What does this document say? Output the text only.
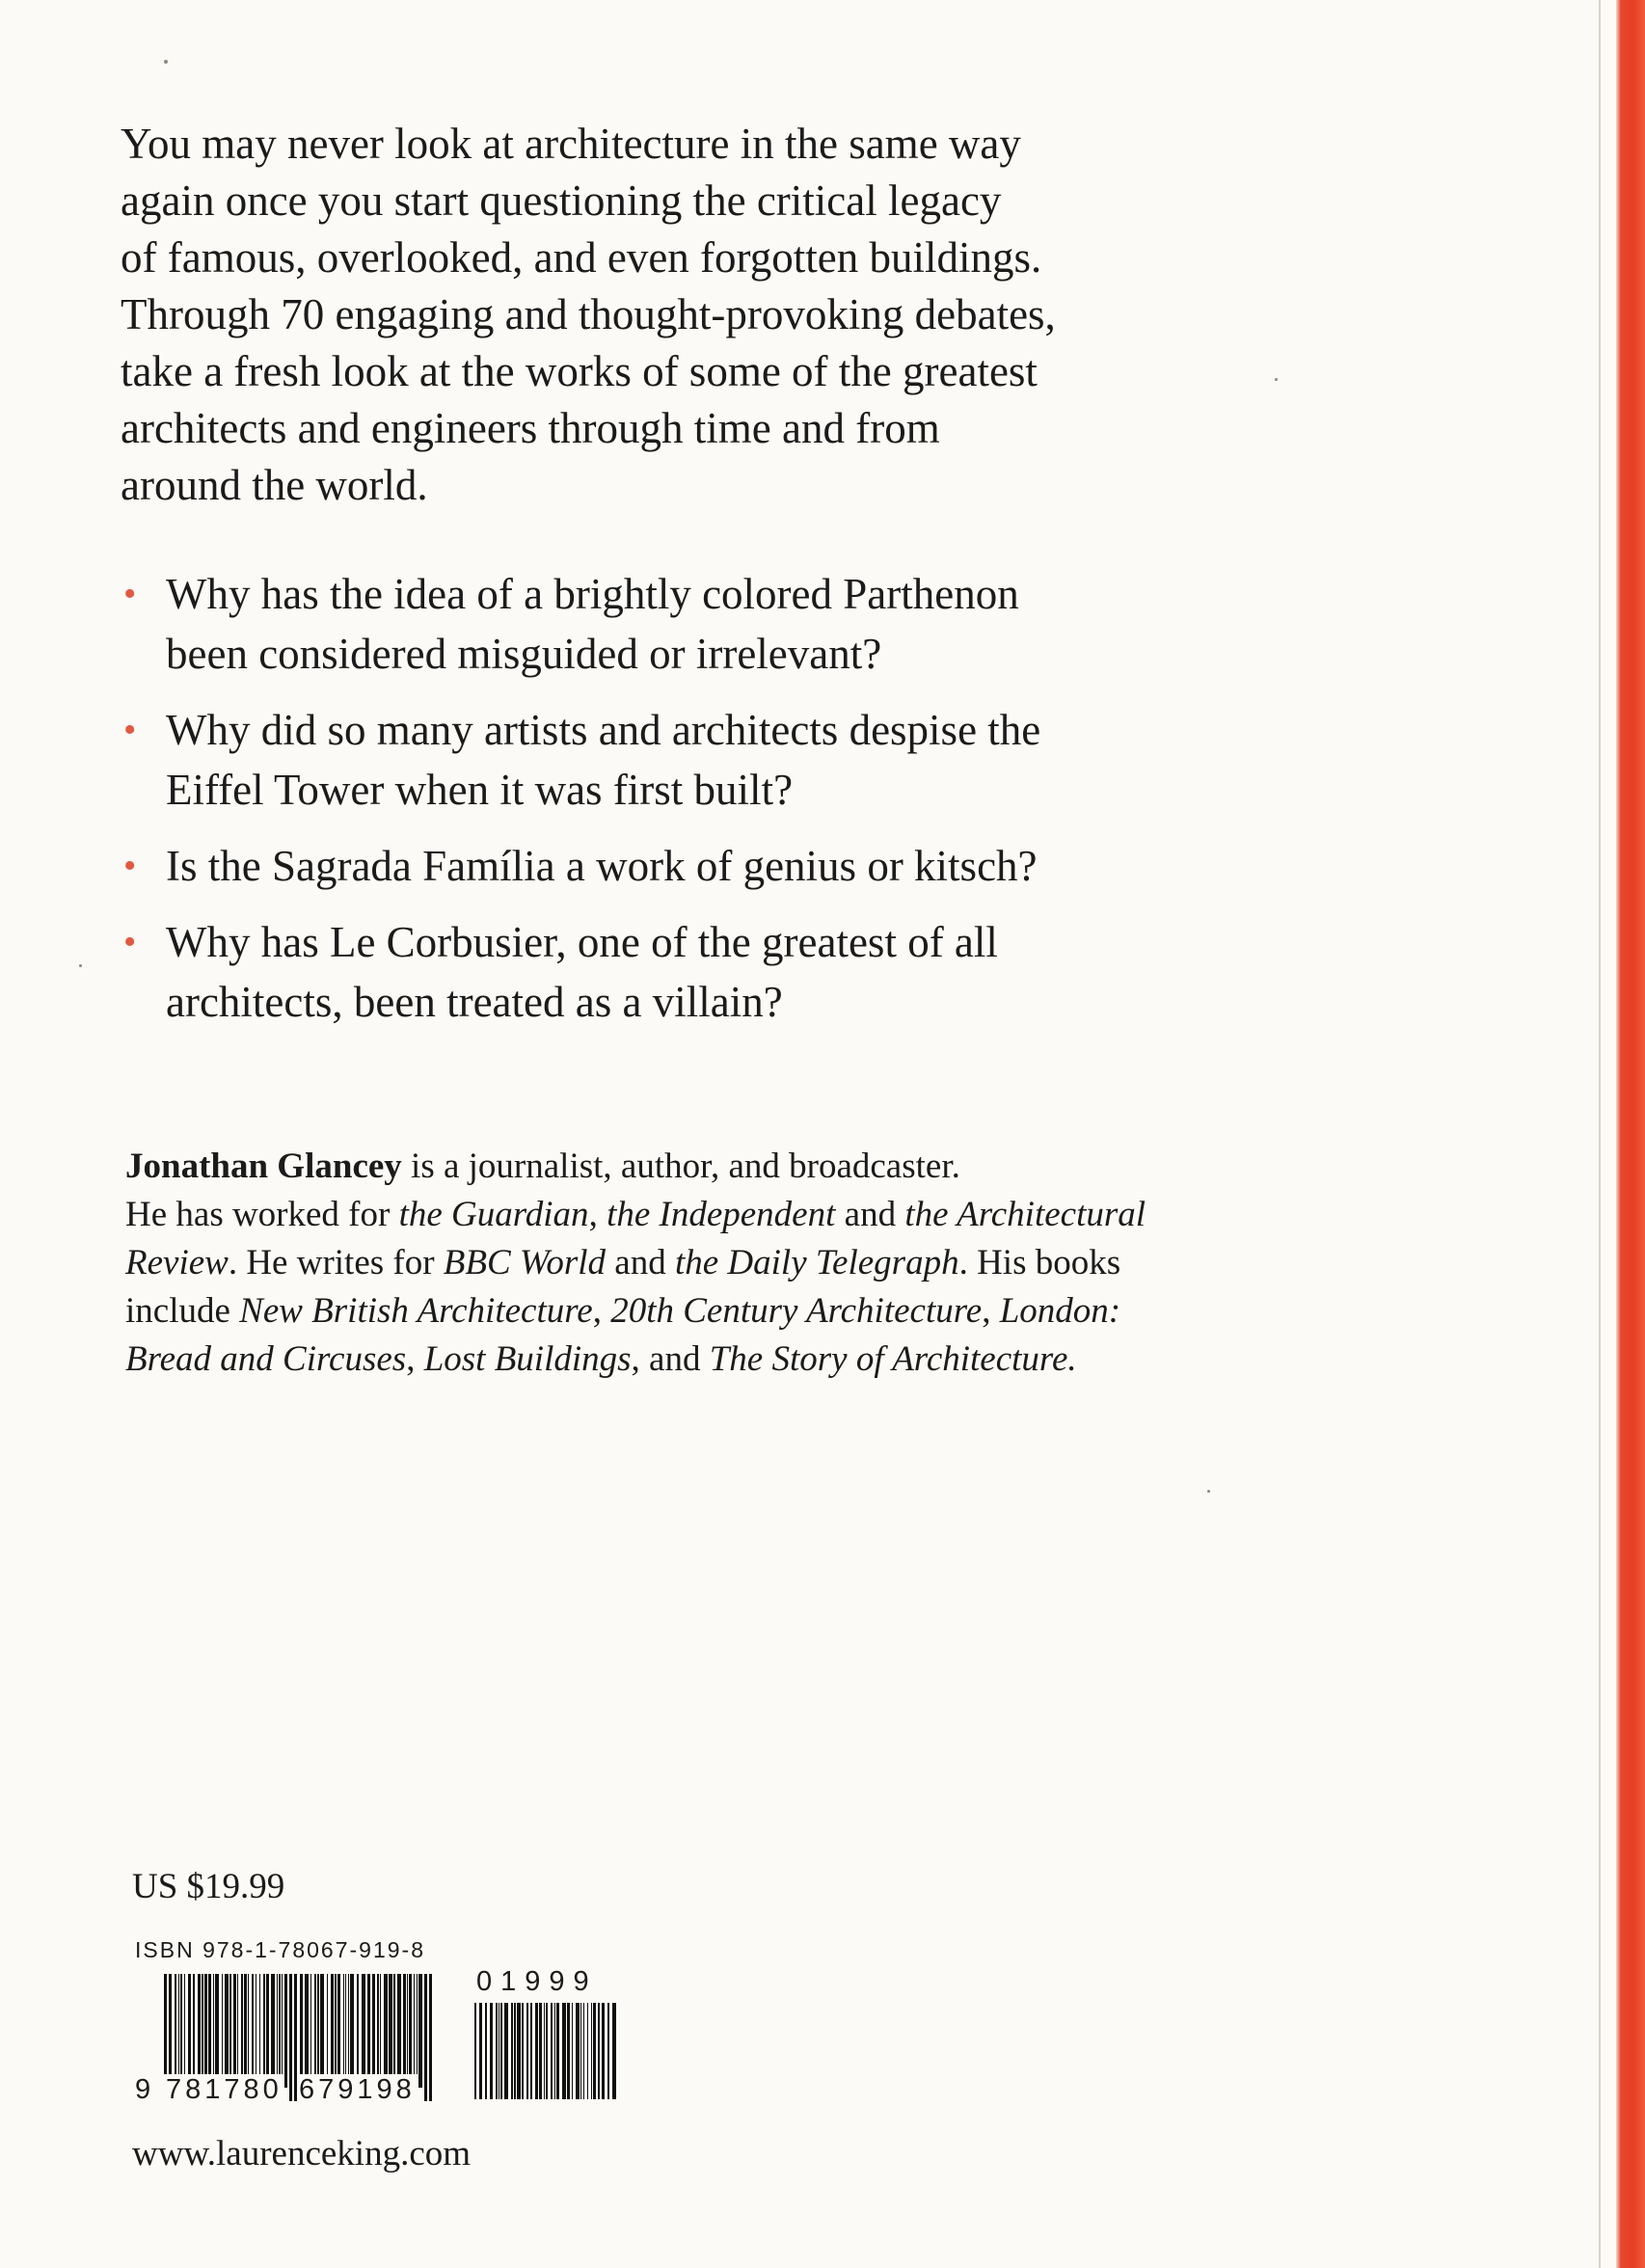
You may never look at architecture in the same way
again once you start questioning the critical legacy
of famous, overlooked, and even forgotten buildings.
Through 70 engaging and thought-provoking debates,
take a fresh look at the works of some of the greatest
architects and engineers through time and from
around the world.

• Why has the idea of a brightly colored Parthenon
been considered misguided or irrelevant?
• Why did so many artists and architects despise the
Eiffel Tower when it was first built?
• Is the Sagrada Família a work of genius or kitsch?
• Why has Le Corbusier, one of the greatest of all
architects, been treated as a villain?

Jonathan Glancey is a journalist, author, and broadcaster.
He has worked for the Guardian, the Independent and the Architectural
Review. He writes for BBC World and the Daily Telegraph. His books
include New British Architecture, 20th Century Architecture, London:
Bread and Circuses, Lost Buildings, and The Story of Architecture.

US $19.99
ISBN 978-1-78067-919-8
9 781780 679198
01999
www.laurenceking.com
